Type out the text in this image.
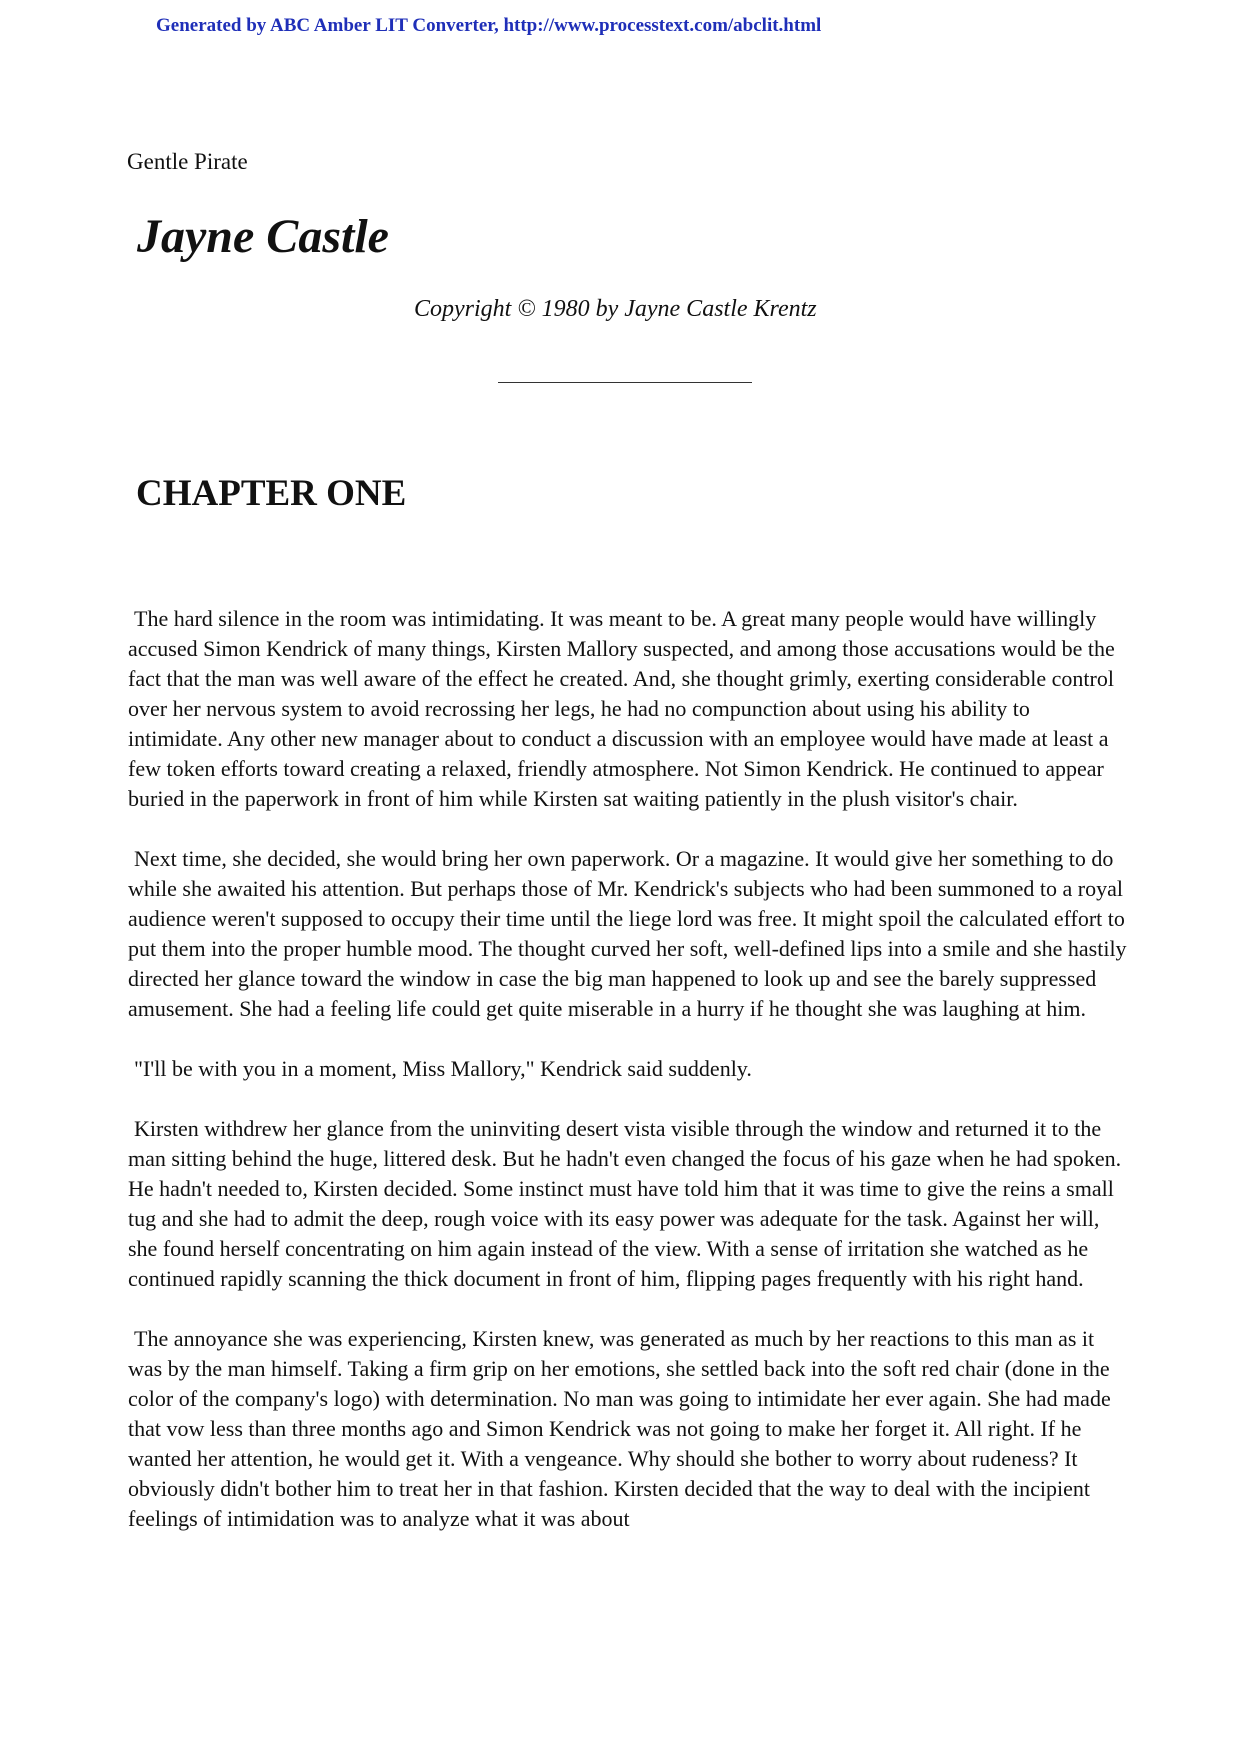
Generated by ABC Amber LIT Converter, http://www.processtext.com/abclit.html
Gentle Pirate
Jayne Castle
Copyright © 1980 by Jayne Castle Krentz
CHAPTER ONE

The hard silence in the room was intimidating. It was meant to be. A great many people would have willingly accused Simon Kendrick of many things, Kirsten Mallory suspected, and among those accusations would be the fact that the man was well aware of the effect he created. And, she thought grimly, exerting considerable control over her nervous system to avoid recrossing her legs, he had no compunction about using his ability to intimidate. Any other new manager about to conduct a discussion with an employee would have made at least a few token efforts toward creating a relaxed, friendly atmosphere. Not Simon Kendrick. He continued to appear buried in the paperwork in front of him while Kirsten sat waiting patiently in the plush visitor's chair.

Next time, she decided, she would bring her own paperwork. Or a magazine. It would give her something to do while she awaited his attention. But perhaps those of Mr. Kendrick's subjects who had been summoned to a royal audience weren't supposed to occupy their time until the liege lord was free. It might spoil the calculated effort to put them into the proper humble mood. The thought curved her soft, well-defined lips into a smile and she hastily directed her glance toward the window in case the big man happened to look up and see the barely suppressed amusement. She had a feeling life could get quite miserable in a hurry if he thought she was laughing at him.

"I'll be with you in a moment, Miss Mallory," Kendrick said suddenly.

Kirsten withdrew her glance from the uninviting desert vista visible through the window and returned it to the man sitting behind the huge, littered desk. But he hadn't even changed the focus of his gaze when he had spoken. He hadn't needed to, Kirsten decided. Some instinct must have told him that it was time to give the reins a small tug and she had to admit the deep, rough voice with its easy power was adequate for the task. Against her will, she found herself concentrating on him again instead of the view. With a sense of irritation she watched as he continued rapidly scanning the thick document in front of him, flipping pages frequently with his right hand.

The annoyance she was experiencing, Kirsten knew, was generated as much by her reactions to this man as it was by the man himself. Taking a firm grip on her emotions, she settled back into the soft red chair (done in the color of the company's logo) with determination. No man was going to intimidate her ever again. She had made that vow less than three months ago and Simon Kendrick was not going to make her forget it. All right. If he wanted her attention, he would get it. With a vengeance. Why should she bother to worry about rudeness? It obviously didn't bother him to treat her in that fashion. Kirsten decided that the way to deal with the incipient feelings of intimidation was to analyze what it was about
